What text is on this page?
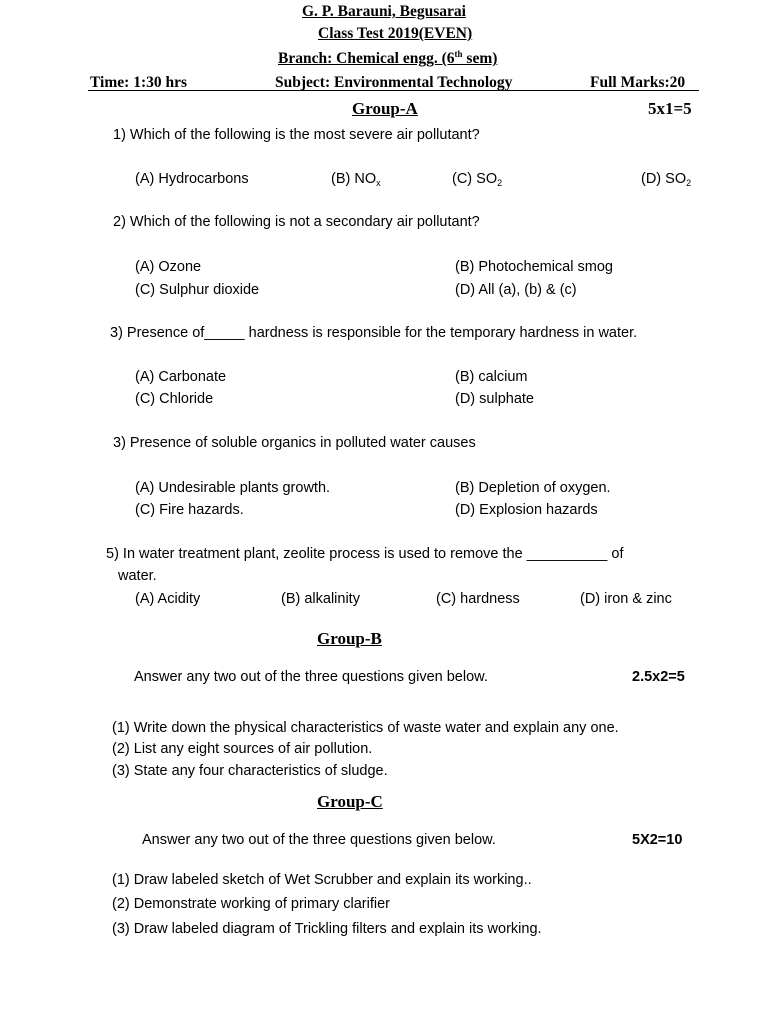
G. P. Barauni, Begusarai
Class Test 2019(EVEN)
Branch: Chemical engg. (6th sem)
Time: 1:30 hrs	Subject: Environmental Technology	Full Marks:20
Group-A	5x1=5
1) Which of the following is the most severe air pollutant?
(A) Hydrocarbons	(B) $NO_x$	(C) $SO_2$	(D) $SO_2$
2) Which of the following is not a secondary air pollutant?
(A) Ozone	(B) Photochemical smog
(C) Sulphur dioxide	(D) All (a), (b) & (c)
3) Presence of_____ hardness is responsible for the temporary hardness in water.
(A) Carbonate	(B) calcium
(C) Chloride	(D) sulphate
3) Presence of soluble organics in polluted water causes
(A) Undesirable plants growth.	(B) Depletion of oxygen.
(C) Fire hazards.	(D) Explosion hazards
5) In water treatment plant, zeolite process is used to remove the __________ of
water.
(A) Acidity	(B) alkalinity	(C) hardness	(D) iron & zinc
Group-B
Answer any two out of the three questions given below.	2.5x2=5
(1) Write down the physical characteristics of waste water and explain any one.
(2) List any eight sources of air pollution.
(3) State any four characteristics of sludge.
Group-C
Answer any two out of the three questions given below.	5X2=10
(1) Draw labeled sketch of Wet Scrubber and explain its working..
(2) Demonstrate working of primary clarifier
(3) Draw labeled diagram of Trickling filters and explain its working.
